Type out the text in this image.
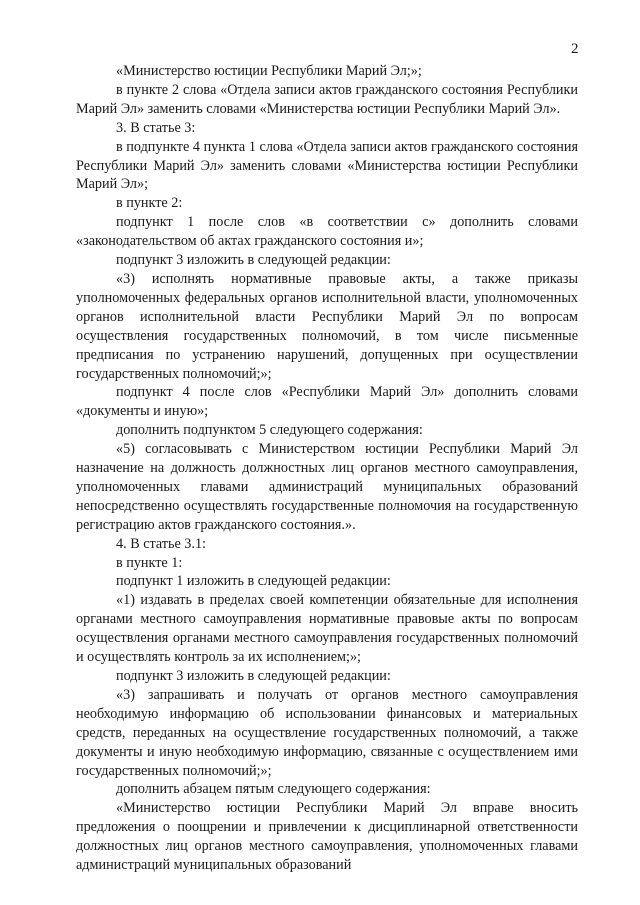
2

«Министерство юстиции Республики Марий Эл;»;

в пункте 2 слова «Отдела записи актов гражданского состояния Республики Марий Эл» заменить словами «Министерства юстиции Республики Марий Эл».

3. В статье 3:

в подпункте 4 пункта 1 слова «Отдела записи актов гражданского состояния Республики Марий Эл» заменить словами «Министерства юстиции Республики Марий Эл»;

в пункте 2:

подпункт 1 после слов «в соответствии с» дополнить словами «законодательством об актах гражданского состояния и»;

подпункт 3 изложить в следующей редакции:

«3) исполнять нормативные правовые акты, а также приказы уполномоченных федеральных органов исполнительной власти, уполномоченных органов исполнительной власти Республики Марий Эл по вопросам осуществления государственных полномочий, в том числе письменные предписания по устранению нарушений, допущенных при осуществлении государственных полномочий;»;

подпункт 4 после слов «Республики Марий Эл» дополнить словами «документы и иную»;

дополнить подпунктом 5 следующего содержания:

«5) согласовывать с Министерством юстиции Республики Марий Эл назначение на должность должностных лиц органов местного самоуправления, уполномоченных главами администраций муниципальных образований непосредственно осуществлять государственные полномочия на государственную регистрацию актов гражданского состояния.».

4. В статье 3.1:

в пункте 1:

подпункт 1 изложить в следующей редакции:

«1) издавать в пределах своей компетенции обязательные для исполнения органами местного самоуправления нормативные правовые акты по вопросам осуществления органами местного самоуправления государственных полномочий и осуществлять контроль за их исполнением;»;

подпункт 3 изложить в следующей редакции:

«3) запрашивать и получать от органов местного самоуправления необходимую информацию об использовании финансовых и материальных средств, переданных на осуществление государственных полномочий, а также документы и иную необходимую информацию, связанные с осуществлением ими государственных полномочий;»;

дополнить абзацем пятым следующего содержания:

«Министерство юстиции Республики Марий Эл вправе вносить предложения о поощрении и привлечении к дисциплинарной ответственности должностных лиц органов местного самоуправления, уполномоченных главами администраций муниципальных образований
